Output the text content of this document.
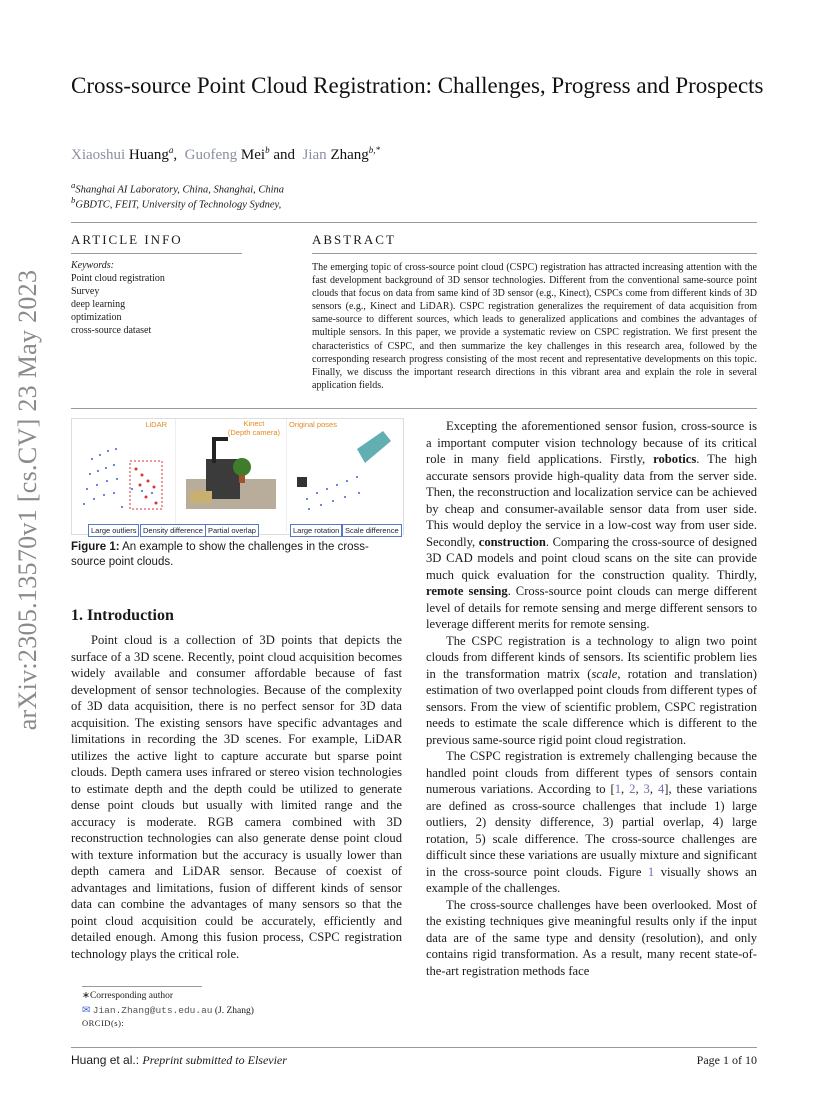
arXiv:2305.13570v1 [cs.CV] 23 May 2023
Cross-source Point Cloud Registration: Challenges, Progress and Prospects
Xiaoshui Huang$^a$, Guofeng Mei$^b$ and Jian Zhang$^{b,*}$
$^a$Shanghai AI Laboratory, China, Shanghai, China
$^b$GBDTC, FEIT, University of Technology Sydney,
ARTICLE INFO
Keywords:
Point cloud registration
Survey
deep learning
optimization
cross-source dataset
ABSTRACT
The emerging topic of cross-source point cloud (CSPC) registration has attracted increasing attention with the fast development background of 3D sensor technologies. Different from the conventional same-source point clouds that focus on data from same kind of 3D sensor (e.g., Kinect), CSPCs come from different kinds of 3D sensors (e.g., Kinect and LiDAR). CSPC registration generalizes the requirement of data acquisition from same-source to different sources, which leads to generalized applications and combines the advantages of multiple sensors. In this paper, we provide a systematic review on CSPC registration. We first present the characteristics of CSPC, and then summarize the key challenges in this research area, followed by the corresponding research progress consisting of the most recent and representative developments on this topic. Finally, we discuss the important research directions in this vibrant area and explain the role in several application fields.
LiDAR	Kinect
(Depth camera)
Original poses
Large outliers Density difference Partial overlap	Large rotation Scale difference
Figure 1: An example to show the challenges in the cross-source point clouds.
1. Introduction

Point cloud is a collection of 3D points that depicts the surface of a 3D scene. Recently, point cloud acquisition becomes widely available and consumer affordable because of fast development of sensor technologies. Because of the complexity of 3D data acquisition, there is no perfect sensor for 3D data acquisition. The existing sensors have specific advantages and limitations in recording the 3D scenes. For example, LiDAR utilizes the active light to capture accurate but sparse point clouds. Depth camera uses infrared or stereo vision technologies to estimate depth and the depth could be utilized to generate dense point clouds but usually with limited range and the accuracy is moderate. RGB camera combined with 3D reconstruction technologies can also generate dense point cloud with texture information but the accuracy is usually lower than depth camera and LiDAR sensor. Because of coexist of advantages and limitations, fusion of different kinds of sensor data can combine the advantages of many sensors so that the point cloud acquisition could be accurately, efficiently and detailed enough. Among this fusion process, CSPC registration technology plays the critical role.

∗Corresponding author
✉ Jian.Zhang@uts.edu.au (J. Zhang)
ORCID(s):

Excepting the aforementioned sensor fusion, cross-source is a important computer vision technology because of its critical role in many field applications. Firstly, robotics. The high accurate sensors provide high-quality data from the server side. Then, the reconstruction and localization service can be achieved by cheap and consumer-available sensor data from user side. This would deploy the service in a low-cost way from user side. Secondly, construction. Comparing the cross-source of designed 3D CAD models and point cloud scans on the site can provide much quick evaluation for the construction quality. Thirdly, remote sensing. Cross-source point clouds can merge different level of details for remote sensing and merge different sensors to leverage different merits for remote sensing.

The CSPC registration is a technology to align two point clouds from different kinds of sensors. Its scientific problem lies in the transformation matrix (scale, rotation and translation) estimation of two overlapped point clouds from different types of sensors. From the view of scientific problem, CSPC registration needs to estimate the scale difference which is different to the previous same-source rigid point cloud registration.

The CSPC registration is extremely challenging because the handled point clouds from different types of sensors contain numerous variations. According to [1, 2, 3, 4], these variations are defined as cross-source challenges that include 1) large outliers, 2) density difference, 3) partial overlap, 4) large rotation, 5) scale difference. The cross-source challenges are difficult since these variations are usually mixture and significant in the cross-source point clouds. Figure 1 visually shows an example of the challenges.

The cross-source challenges have been overlooked. Most of the existing techniques give meaningful results only if the input data are of the same type and density (resolution), and only contains rigid transformation. As a result, many recent state-of-the-art registration methods face

Huang et al.: Preprint submitted to Elsevier	Page 1 of 10
